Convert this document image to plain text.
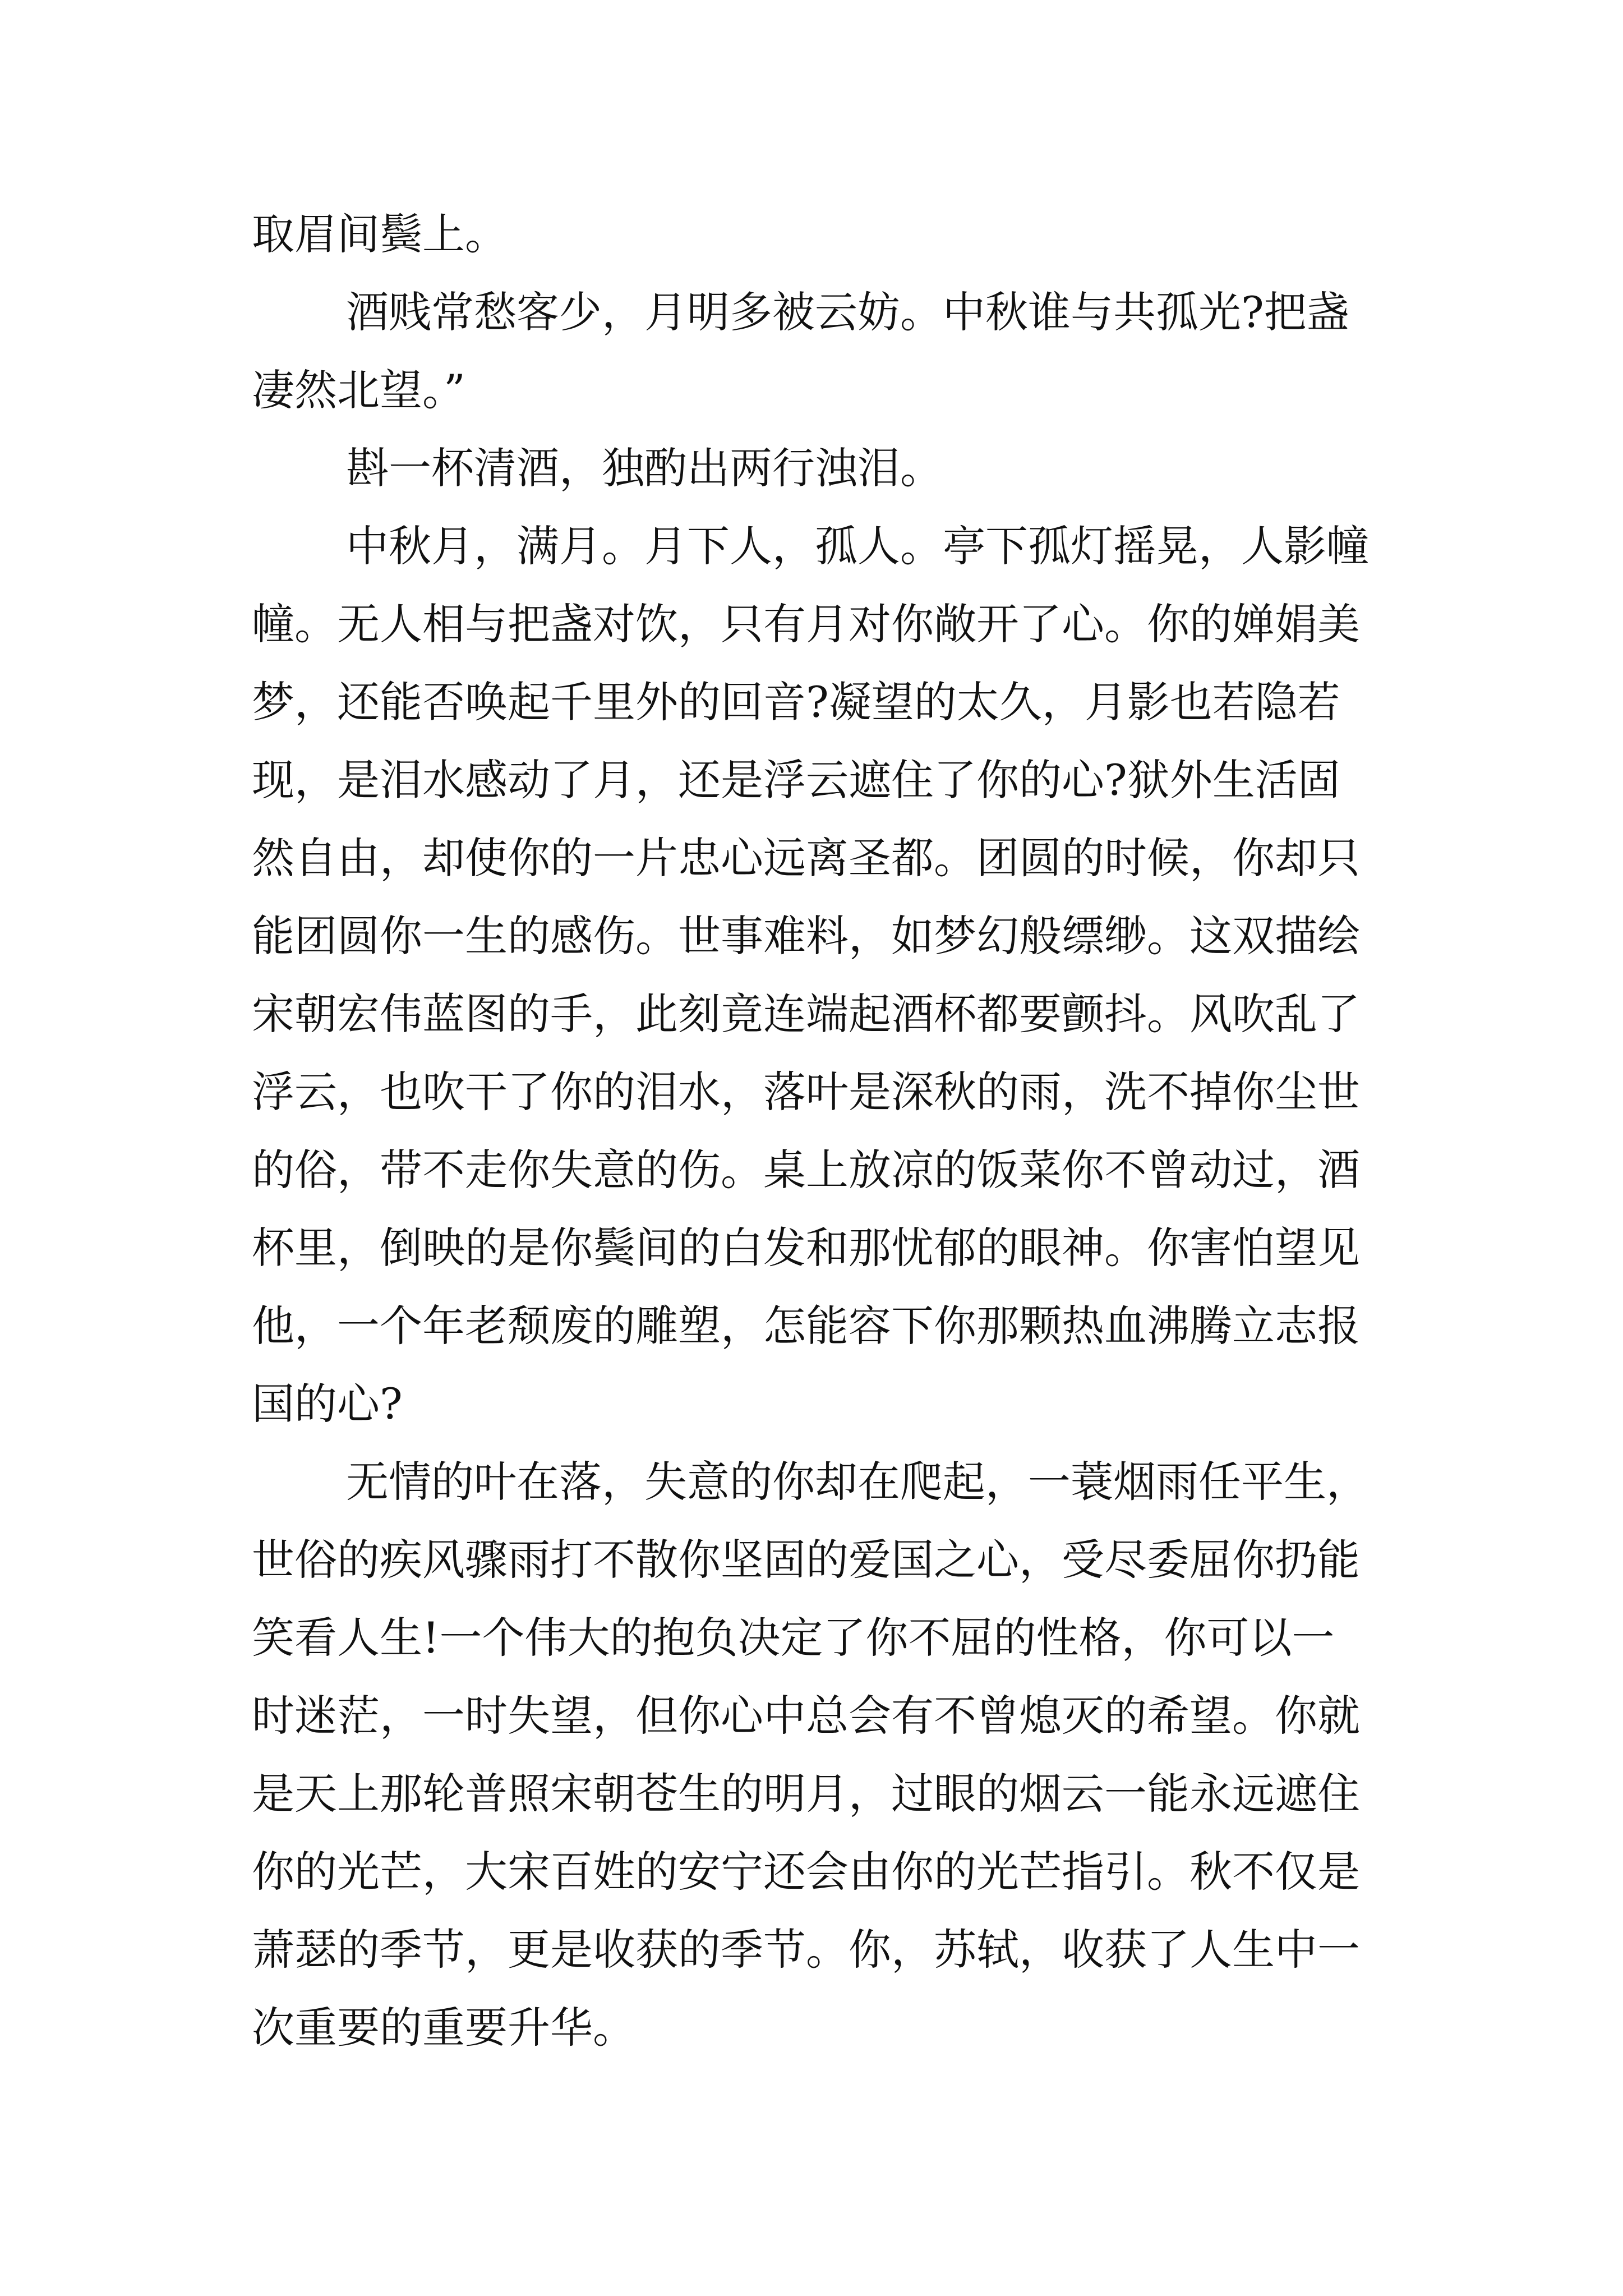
取眉间鬓上。
酒贱常愁客少，月明多被云妨。中秋谁与共孤光?把盏
凄然北望。”
斟一杯清酒，独酌出两行浊泪。
中秋月，满月。月下人，孤人。亭下孤灯摇晃，人影幢
幢。无人相与把盏对饮，只有月对你敞开了心。你的婵娟美
梦，还能否唤起千里外的回音?凝望的太久，月影也若隐若
现，是泪水感动了月，还是浮云遮住了你的心?狱外生活固
然自由，却使你的一片忠心远离圣都。团圆的时候，你却只
能团圆你一生的感伤。世事难料，如梦幻般缥缈。这双描绘
宋朝宏伟蓝图的手，此刻竟连端起酒杯都要颤抖。风吹乱了
浮云，也吹干了你的泪水，落叶是深秋的雨，洗不掉你尘世
的俗，带不走你失意的伤。桌上放凉的饭菜你不曾动过，酒
杯里，倒映的是你鬓间的白发和那忧郁的眼神。你害怕望见
他，一个年老颓废的雕塑，怎能容下你那颗热血沸腾立志报
国的心?
无情的叶在落，失意的你却在爬起，一蓑烟雨任平生，
世俗的疾风骤雨打不散你坚固的爱国之心，受尽委屈你扔能
笑看人生!一个伟大的抱负决定了你不屈的性格，你可以一
时迷茫，一时失望，但你心中总会有不曾熄灭的希望。你就
是天上那轮普照宋朝苍生的明月，过眼的烟云一能永远遮住
你的光芒，大宋百姓的安宁还会由你的光芒指引。秋不仅是
萧瑟的季节，更是收获的季节。你，苏轼，收获了人生中一
次重要的重要升华。
